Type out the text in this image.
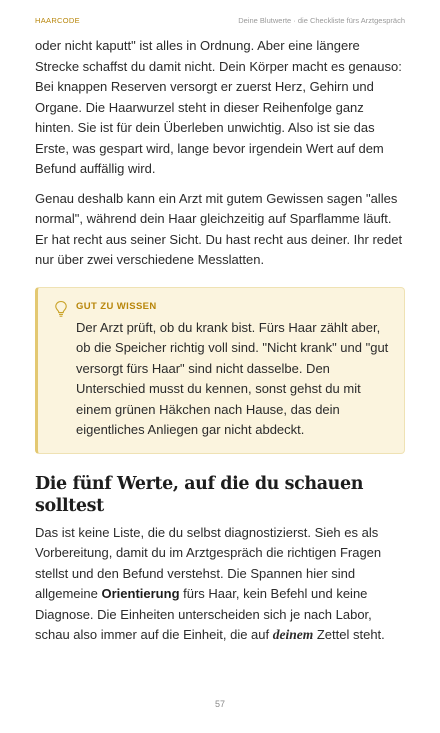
HAARCODE	Deine Blutwerte · die Checkliste fürs Arztgespräch

oder nicht kaputt" ist alles in Ordnung. Aber eine längere Strecke schaffst du damit nicht. Dein Körper macht es genauso: Bei knappen Reserven versorgt er zuerst Herz, Gehirn und Organe. Die Haarwurzel steht in dieser Reihenfolge ganz hinten. Sie ist für dein Überleben unwichtig. Also ist sie das Erste, was gespart wird, lange bevor irgendein Wert auf dem Befund auffällig wird.

Genau deshalb kann ein Arzt mit gutem Gewissen sagen "alles normal", während dein Haar gleichzeitig auf Sparflamme läuft. Er hat recht aus seiner Sicht. Du hast recht aus deiner. Ihr redet nur über zwei verschiedene Messlatten.

GUT ZU WISSEN
Der Arzt prüft, ob du krank bist. Fürs Haar zählt aber, ob die Speicher richtig voll sind. "Nicht krank" und "gut versorgt fürs Haar" sind nicht dasselbe. Den Unterschied musst du kennen, sonst gehst du mit einem grünen Häkchen nach Hause, das dein eigentliches Anliegen gar nicht abdeckt.
Die fünf Werte, auf die du schauen solltest

Das ist keine Liste, die du selbst diagnostizierst. Sieh es als Vorbereitung, damit du im Arztgespräch die richtigen Fragen stellst und den Befund verstehst. Die Spannen hier sind allgemeine Orientierung fürs Haar, kein Befehl und keine Diagnose. Die Einheiten unterscheiden sich je nach Labor, schau also immer auf die Einheit, die auf deinem Zettel steht.

57
